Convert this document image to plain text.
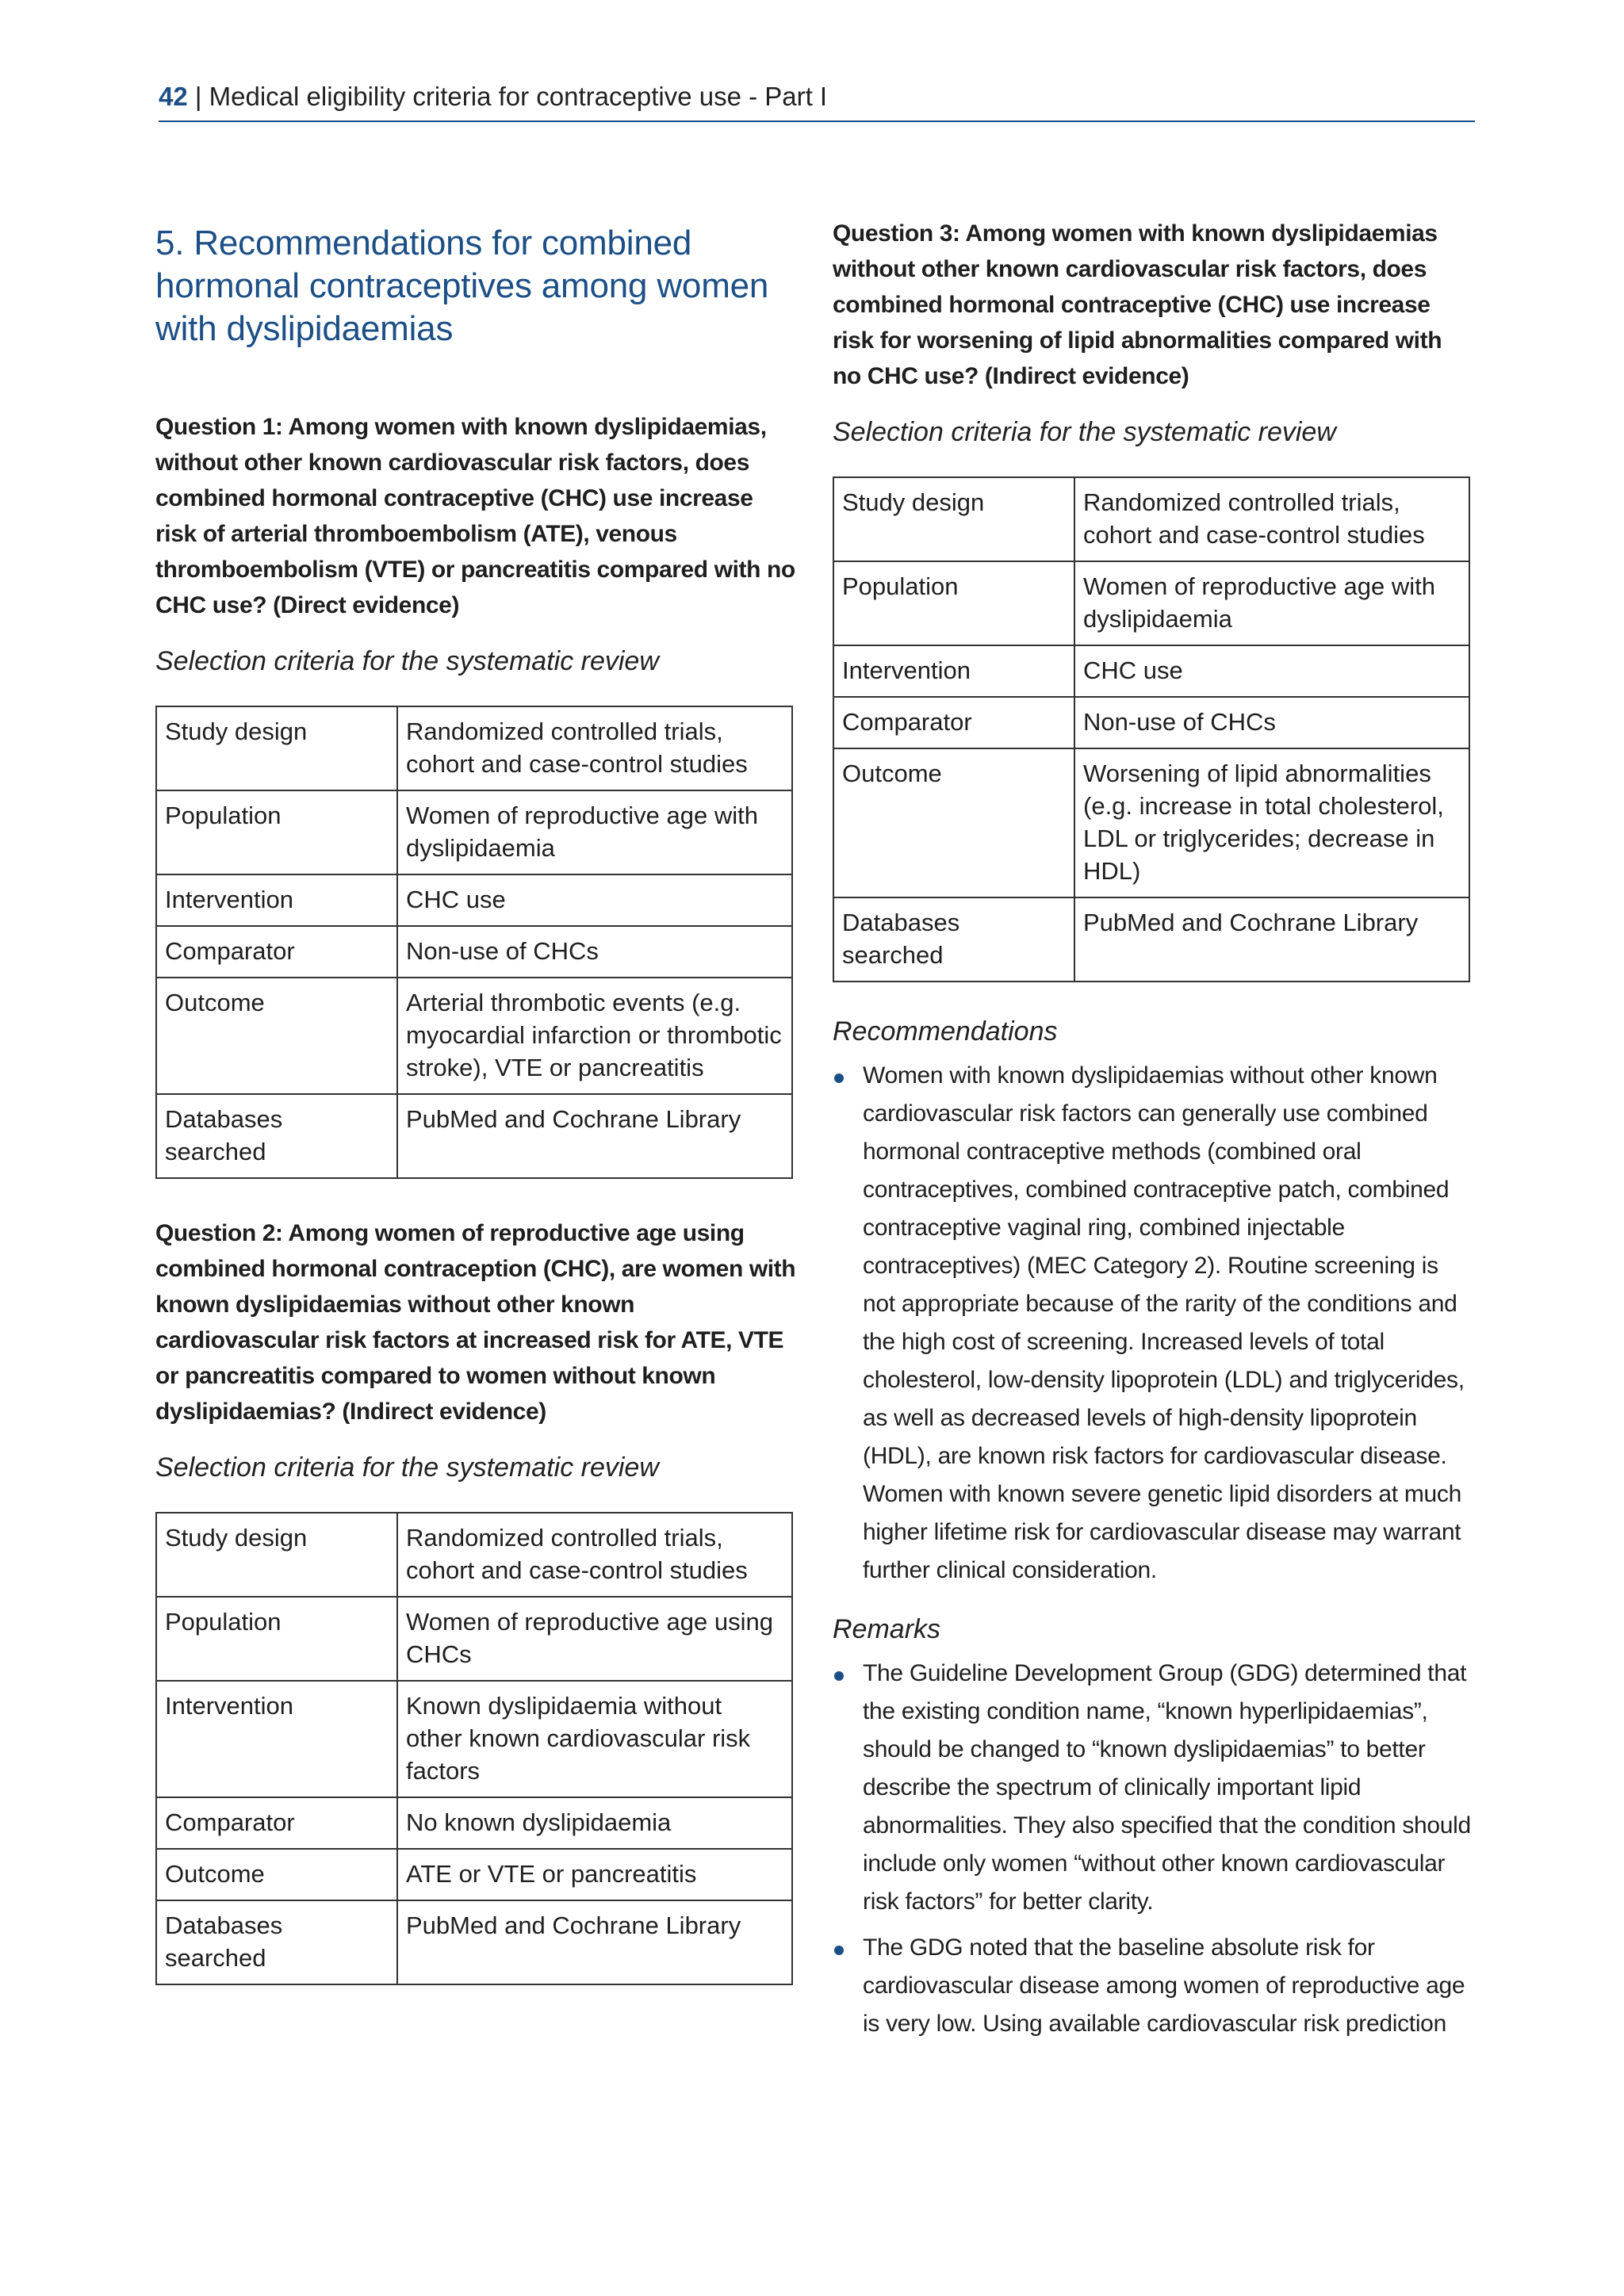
42 | Medical eligibility criteria for contraceptive use - Part I
5. Recommendations for combined hormonal contraceptives among women with dyslipidaemias

Question 1: Among women with known dyslipidaemias, without other known cardiovascular risk factors, does combined hormonal contraceptive (CHC) use increase risk of arterial thromboembolism (ATE), venous thromboembolism (VTE) or pancreatitis compared with no CHC use? (Direct evidence)

Selection criteria for the systematic review

Study design	Randomized controlled trials, cohort and case-control studies
Population	Women of reproductive age with dyslipidaemia
Intervention	CHC use
Comparator	Non-use of CHCs
Outcome	Arterial thrombotic events (e.g. myocardial infarction or thrombotic stroke), VTE or pancreatitis
Databases searched	PubMed and Cochrane Library

Question 2: Among women of reproductive age using combined hormonal contraception (CHC), are women with known dyslipidaemias without other known cardiovascular risk factors at increased risk for ATE, VTE or pancreatitis compared to women without known dyslipidaemias? (Indirect evidence)

Selection criteria for the systematic review

Study design	Randomized controlled trials, cohort and case-control studies
Population	Women of reproductive age using CHCs
Intervention	Known dyslipidaemia without other known cardiovascular risk factors
Comparator	No known dyslipidaemia
Outcome	ATE or VTE or pancreatitis
Databases searched	PubMed and Cochrane Library

Question 3: Among women with known dyslipidaemias without other known cardiovascular risk factors, does combined hormonal contraceptive (CHC) use increase risk for worsening of lipid abnormalities compared with no CHC use? (Indirect evidence)

Selection criteria for the systematic review

Study design	Randomized controlled trials, cohort and case-control studies
Population	Women of reproductive age with dyslipidaemia
Intervention	CHC use
Comparator	Non-use of CHCs
Outcome	Worsening of lipid abnormalities (e.g. increase in total cholesterol, LDL or triglycerides; decrease in HDL)
Databases searched	PubMed and Cochrane Library

Recommendations

Women with known dyslipidaemias without other known cardiovascular risk factors can generally use combined hormonal contraceptive methods (combined oral contraceptives, combined contraceptive patch, combined contraceptive vaginal ring, combined injectable contraceptives) (MEC Category 2). Routine screening is not appropriate because of the rarity of the conditions and the high cost of screening. Increased levels of total cholesterol, low-density lipoprotein (LDL) and triglycerides, as well as decreased levels of high-density lipoprotein (HDL), are known risk factors for cardiovascular disease. Women with known severe genetic lipid disorders at much higher lifetime risk for cardiovascular disease may warrant further clinical consideration.

Remarks

The Guideline Development Group (GDG) determined that the existing condition name, “known hyperlipidaemias”, should be changed to “known dyslipidaemias” to better describe the spectrum of clinically important lipid abnormalities. They also specified that the condition should include only women “without other known cardiovascular risk factors” for better clarity.
The GDG noted that the baseline absolute risk for cardiovascular disease among women of reproductive age is very low. Using available cardiovascular risk prediction
